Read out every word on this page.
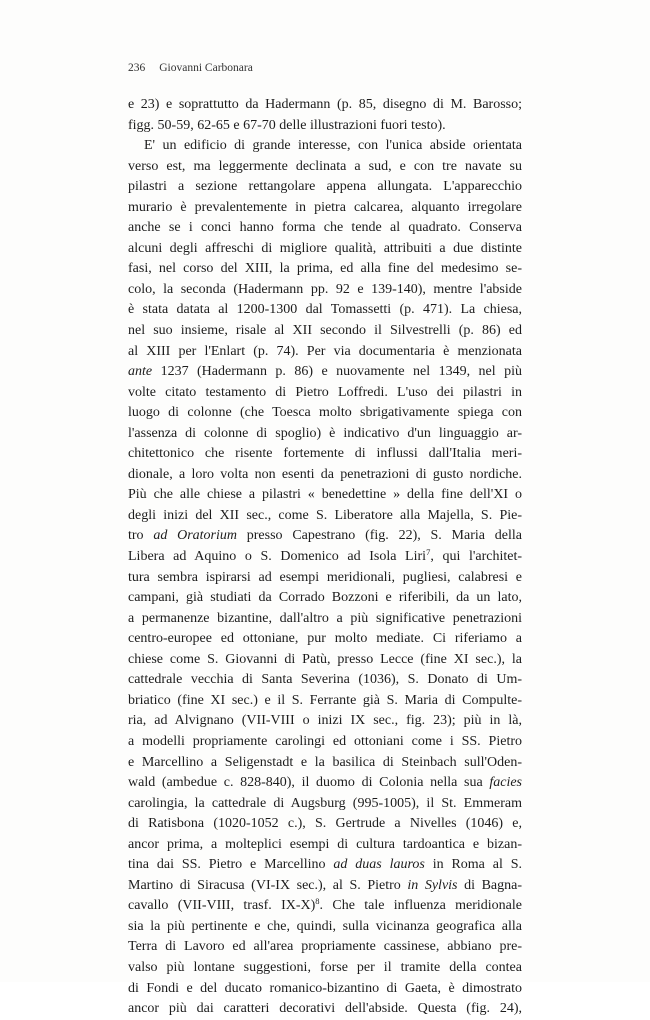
236 Giovanni Carbonara
e 23) e soprattutto da Hadermann (p. 85, disegno di M. Barosso;
figg. 50-59, 62-65 e 67-70 delle illustrazioni fuori testo).
E' un edificio di grande interesse, con l'unica abside orientata
verso est, ma leggermente declinata a sud, e con tre navate su
pilastri a sezione rettangolare appena allungata. L'apparecchio
murario è prevalentemente in pietra calcarea, alquanto irregolare
anche se i conci hanno forma che tende al quadrato. Conserva
alcuni degli affreschi di migliore qualità, attribuiti a due distinte
fasi, nel corso del XIII, la prima, ed alla fine del medesimo se-
colo, la seconda (Hadermann pp. 92 e 139-140), mentre l'abside
è stata datata al 1200-1300 dal Tomassetti (p. 471). La chiesa,
nel suo insieme, risale al XII secondo il Silvestrelli (p. 86) ed
al XIII per l'Enlart (p. 74). Per via documentaria è menzionata
ante 1237 (Hadermann p. 86) e nuovamente nel 1349, nel più
volte citato testamento di Pietro Loffredi. L'uso dei pilastri in
luogo di colonne (che Toesca molto sbrigativamente spiega con
l'assenza di colonne di spoglio) è indicativo d'un linguaggio ar-
chitettonico che risente fortemente di influssi dall'Italia meri-
dionale, a loro volta non esenti da penetrazioni di gusto nordiche.
Più che alle chiese a pilastri « benedettine » della fine dell'XI o
degli inizi del XII sec., come S. Liberatore alla Majella, S. Pie-
tro ad Oratorium presso Capestrano (fig. 22), S. Maria della
Libera ad Aquino o S. Domenico ad Isola Liri$^7$, qui l'architet-
tura sembra ispirarsi ad esempi meridionali, pugliesi, calabresi e
campani, già studiati da Corrado Bozzoni e riferibili, da un lato,
a permanenze bizantine, dall'altro a più significative penetrazioni
centro-europee ed ottoniane, pur molto mediate. Ci riferiamo a
chiese come S. Giovanni di Patù, presso Lecce (fine XI sec.), la
cattedrale vecchia di Santa Severina (1036), S. Donato di Um-
briatico (fine XI sec.) e il S. Ferrante già S. Maria di Compulte-
ria, ad Alvignano (VII-VIII o inizi IX sec., fig. 23); più in là,
a modelli propriamente carolingi ed ottoniani come i SS. Pietro
e Marcellino a Seligenstadt e la basilica di Steinbach sull'Oden-
wald (ambedue c. 828-840), il duomo di Colonia nella sua facies
carolingia, la cattedrale di Augsburg (995-1005), il St. Emmeram
di Ratisbona (1020-1052 c.), S. Gertrude a Nivelles (1046) e,
ancor prima, a molteplici esempi di cultura tardoantica e bizan-
tina dai SS. Pietro e Marcellino ad duas lauros in Roma al S.
Martino di Siracusa (VI-IX sec.), al S. Pietro in Sylvis di Bagna-
cavallo (VII-VIII, trasf. IX-X)$^8$. Che tale influenza meridionale
sia la più pertinente e che, quindi, sulla vicinanza geografica alla
Terra di Lavoro ed all'area propriamente cassinese, abbiano pre-
valso più lontane suggestioni, forse per il tramite della contea
di Fondi e del ducato romanico-bizantino di Gaeta, è dimostrato
ancor più dai caratteri decorativi dell'abside. Questa (fig. 24),
